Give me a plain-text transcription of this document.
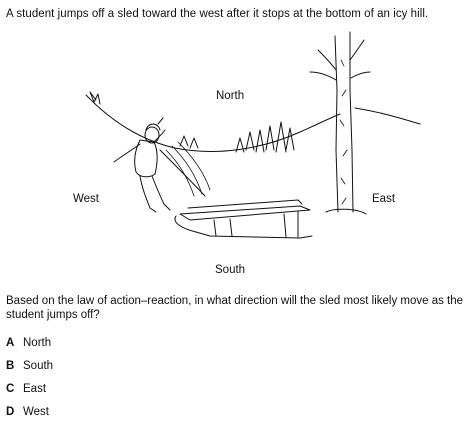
A student jumps off a sled toward the west after it stops at the bottom of an icy hill.
North
West	East
South
Based on the law of action–reaction, in what direction will the sled most likely move as the student jumps off?
A North
B South
C East
D West
